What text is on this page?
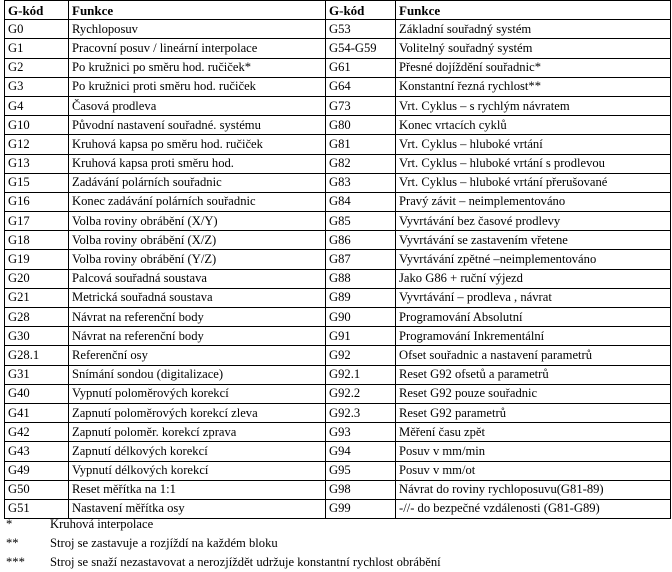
G-kód	Funkce	G-kód	Funkce
G0	Rychloposuv	G53	Základní souřadný systém
G1	Pracovní posuv / lineární interpolace	G54-G59	Volitelný souřadný systém
G2	Po kružnici po směru hod. ručiček*	G61	Přesné dojíždění souřadnic*
G3	Po kružnici proti směru hod. ručiček	G64	Konstantní řezná rychlost**
G4	Časová prodleva	G73	Vrt. Cyklus – s rychlým návratem
G10	Původní nastavení souřadné. systému	G80	Konec vrtacích cyklů
G12	Kruhová kapsa po směru hod. ručiček	G81	Vrt. Cyklus – hluboké vrtání
G13	Kruhová kapsa proti směru hod.	G82	Vrt. Cyklus – hluboké vrtání s prodlevou
G15	Zadávání polárních souřadnic	G83	Vrt. Cyklus – hluboké vrtání přerušované
G16	Konec zadávání polárních souřadnic	G84	Pravý závit – neimplementováno
G17	Volba roviny obrábění (X/Y)	G85	Vyvrtávání bez časové prodlevy
G18	Volba roviny obrábění (X/Z)	G86	Vyvrtávání se zastavením vřetene
G19	Volba roviny obrábění (Y/Z)	G87	Vyvrtávání zpětné –neimplementováno
G20	Palcová souřadná soustava	G88	Jako G86 + ruční výjezd
G21	Metrická souřadná soustava	G89	Vyvrtávání – prodleva , návrat
G28	Návrat na referenční body	G90	Programování Absolutní
G30	Návrat na referenční body	G91	Programování Inkrementální
G28.1	Referenční osy	G92	Ofset souřadnic a nastavení parametrů
G31	Snímání sondou (digitalizace)	G92.1	Reset G92 ofsetů a parametrů
G40	Vypnutí poloměrových korekcí	G92.2	Reset G92 pouze souřadnic
G41	Zapnutí poloměrových korekcí zleva	G92.3	Reset G92 parametrů
G42	Zapnutí poloměr. korekcí zprava	G93	Měření času zpět
G43	Zapnutí délkových korekcí	G94	Posuv v mm/min
G49	Vypnutí délkových korekcí	G95	Posuv v mm/ot
G50	Reset měřítka na 1:1	G98	Návrat do roviny rychloposuvu(G81-89)
G51	Nastavení měřítka osy	G99	-//- do bezpečné vzdálenosti (G81-G89)
*	Kruhová interpolace
**	Stroj se zastavuje a rozjíždí na každém bloku
***	Stroj se snaží nezastavovat a nerozjíždět udržuje konstantní rychlost obrábění
